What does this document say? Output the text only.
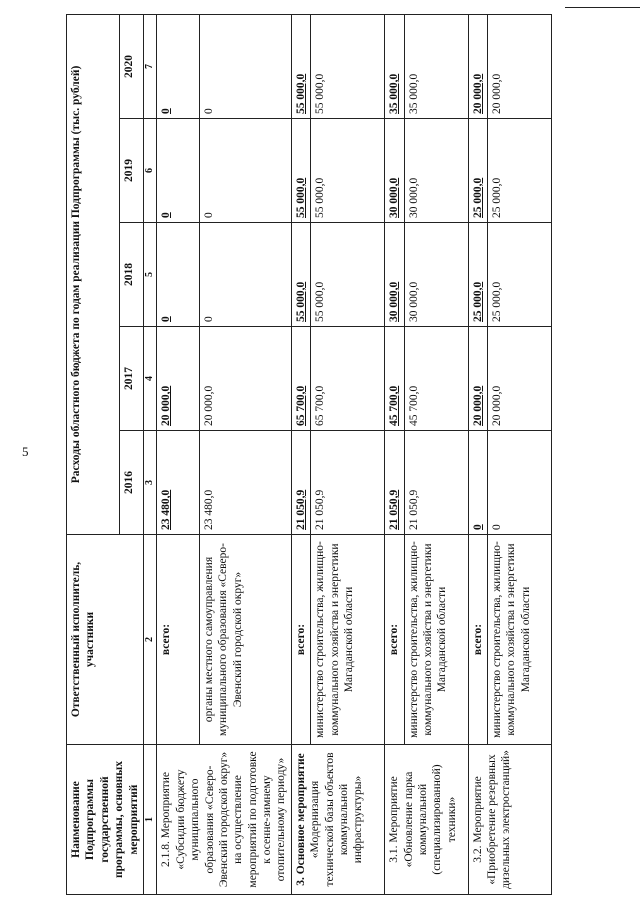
5
Наименование Подпрограммы государственной программы, основных мероприятий	Ответственный исполнитель, участники	Расходы областного бюджета по годам реализации Подпрограммы (тыс. рублей)				
		2016	2017	2018	2019	2020
1	2	3	4	5	6	7
2.1.8. Мероприятие «Субсидии бюджету муниципального образования «Северо-Эвенский городской округ» на осуществление мероприятий по подготовке к осенне-зимнему отопительному периоду»	всего:	23 480,0	20 000,0	0	0	0
	органы местного самоуправления муниципального образования «Северо-Эвенский городской округ»	23 480,0	20 000,0	0	0	0
3. Основное мероприятие «Модернизация технической базы объектов коммунальной инфраструктуры»	всего:	21 050,9	65 700,0	55 000,0	55 000,0	55 000,0
	министерство строительства, жилищно-коммунального хозяйства и энергетики Магаданской области	21 050,9	65 700,0	55 000,0	55 000,0	55 000,0
3.1. Мероприятие «Обновление парка коммунальной (специализированной) техники»	всего:	21 050,9	45 700,0	30 000,0	30 000,0	35 000,0
	министерство строительства, жилищно-коммунального хозяйства и энергетики Магаданской области	21 050,9	45 700,0	30 000,0	30 000,0	35 000,0
3.2. Мероприятие «Приобретение резервных дизельных электростанций»	всего:	0	20 000,0	25 000,0	25 000,0	20 000,0
	министерство строительства, жилищно-коммунального хозяйства и энергетики Магаданской области	0	20 000,0	25 000,0	25 000,0	20 000,0
